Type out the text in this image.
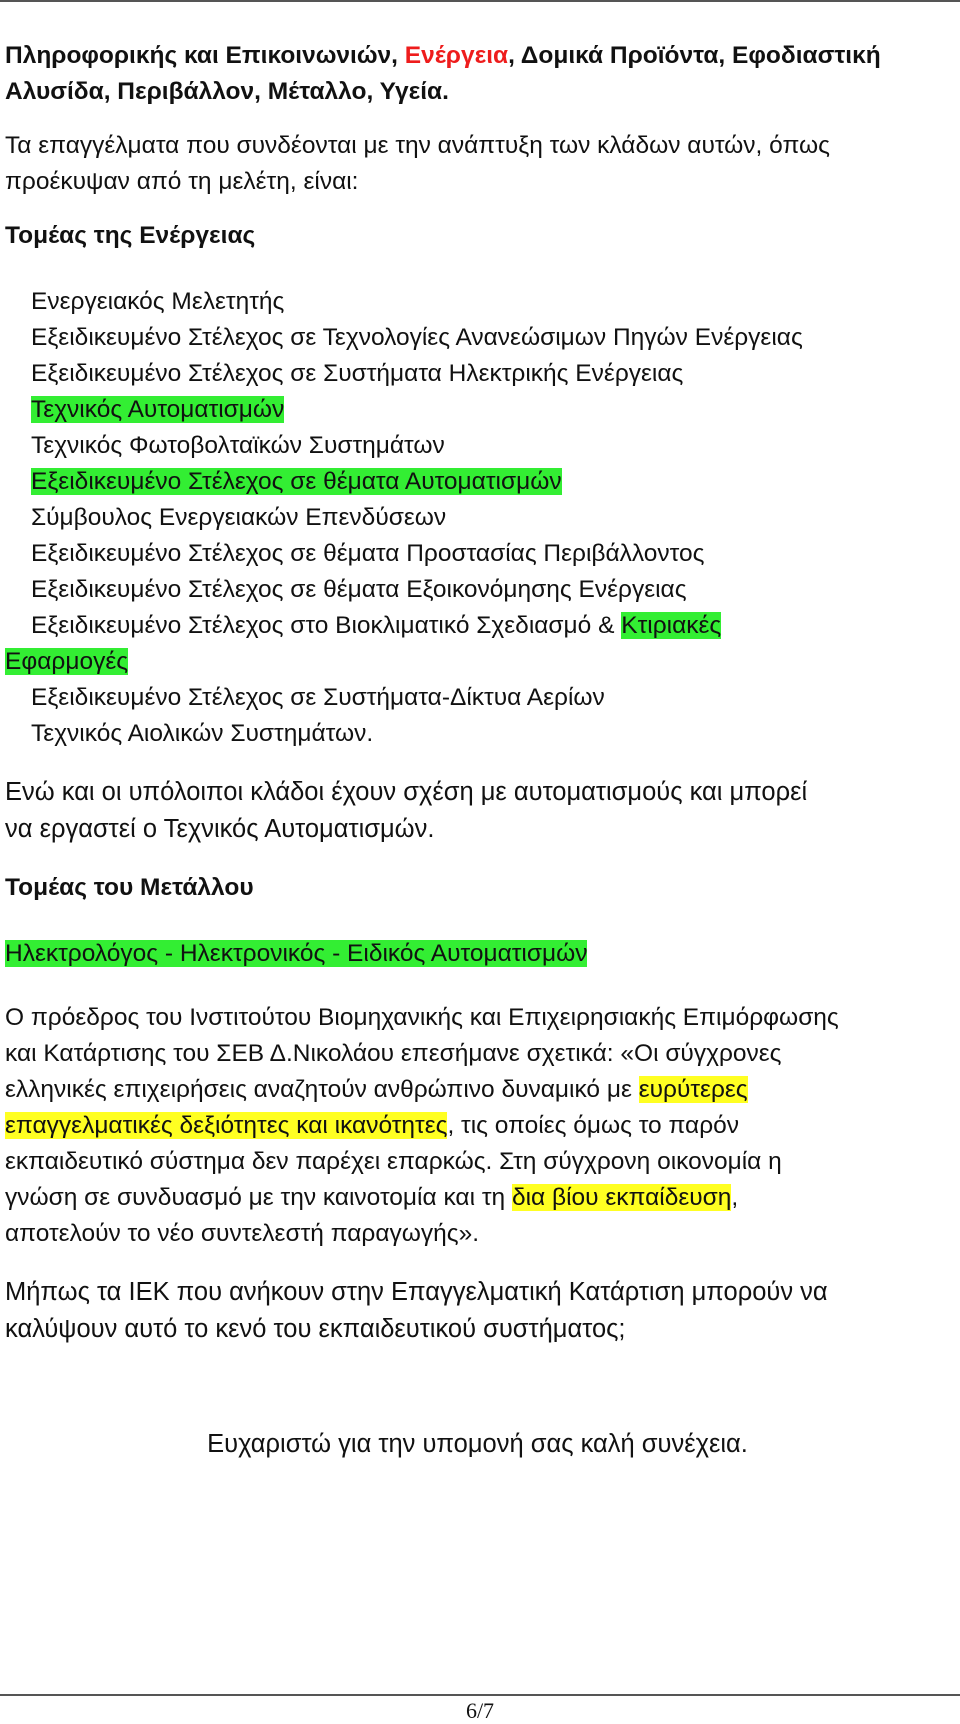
Πληροφορικής και Επικοινωνιών, Ενέργεια, Δομικά Προϊόντα, Εφοδιαστική
Αλυσίδα, Περιβάλλον, Μέταλλο, Υγεία.
Τα επαγγέλματα που συνδέονται με την ανάπτυξη των κλάδων αυτών, όπως
προέκυψαν από τη μελέτη, είναι:
Τομέας της Ενέργειας
Ενεργειακός Μελετητής
Εξειδικευμένο Στέλεχος σε Τεχνολογίες Ανανεώσιμων Πηγών Ενέργειας
Εξειδικευμένο Στέλεχος σε Συστήματα Ηλεκτρικής Ενέργειας
Τεχνικός Αυτοματισμών
Τεχνικός Φωτοβολταϊκών Συστημάτων
Εξειδικευμένο Στέλεχος σε θέματα Αυτοματισμών
Σύμβουλος Ενεργειακών Επενδύσεων
Εξειδικευμένο Στέλεχος σε θέματα Προστασίας Περιβάλλοντος
Εξειδικευμένο Στέλεχος σε θέματα Εξοικονόμησης Ενέργειας
Εξειδικευμένο Στέλεχος στο Βιοκλιματικό Σχεδιασμό & Κτιριακές
Εφαρμογές
Εξειδικευμένο Στέλεχος σε Συστήματα-Δίκτυα Αερίων
Τεχνικός Αιολικών Συστημάτων.
Ενώ και οι υπόλοιποι κλάδοι έχουν σχέση με αυτοματισμούς και μπορεί
να εργαστεί ο Τεχνικός Αυτοματισμών.
Τομέας του Μετάλλου
Ηλεκτρολόγος - Ηλεκτρονικός - Ειδικός Αυτοματισμών
Ο πρόεδρος του Ινστιτούτου Βιομηχανικής και Επιχειρησιακής Επιμόρφωσης
και Κατάρτισης του ΣΕΒ Δ.Νικολάου επεσήμανε σχετικά: «Οι σύγχρονες
ελληνικές επιχειρήσεις αναζητούν ανθρώπινο δυναμικό με ευρύτερες
επαγγελματικές δεξιότητες και ικανότητες, τις οποίες όμως το παρόν
εκπαιδευτικό σύστημα δεν παρέχει επαρκώς. Στη σύγχρονη οικονομία η
γνώση σε συνδυασμό με την καινοτομία και τη δια βίου εκπαίδευση,
αποτελούν το νέο συντελεστή παραγωγής».
Μήπως τα ΙΕΚ που ανήκουν στην Επαγγελματική Κατάρτιση μπορούν να
καλύψουν αυτό το κενό του εκπαιδευτικού συστήματος;
Ευχαριστώ για την υπομονή σας καλή συνέχεια.
6/7
